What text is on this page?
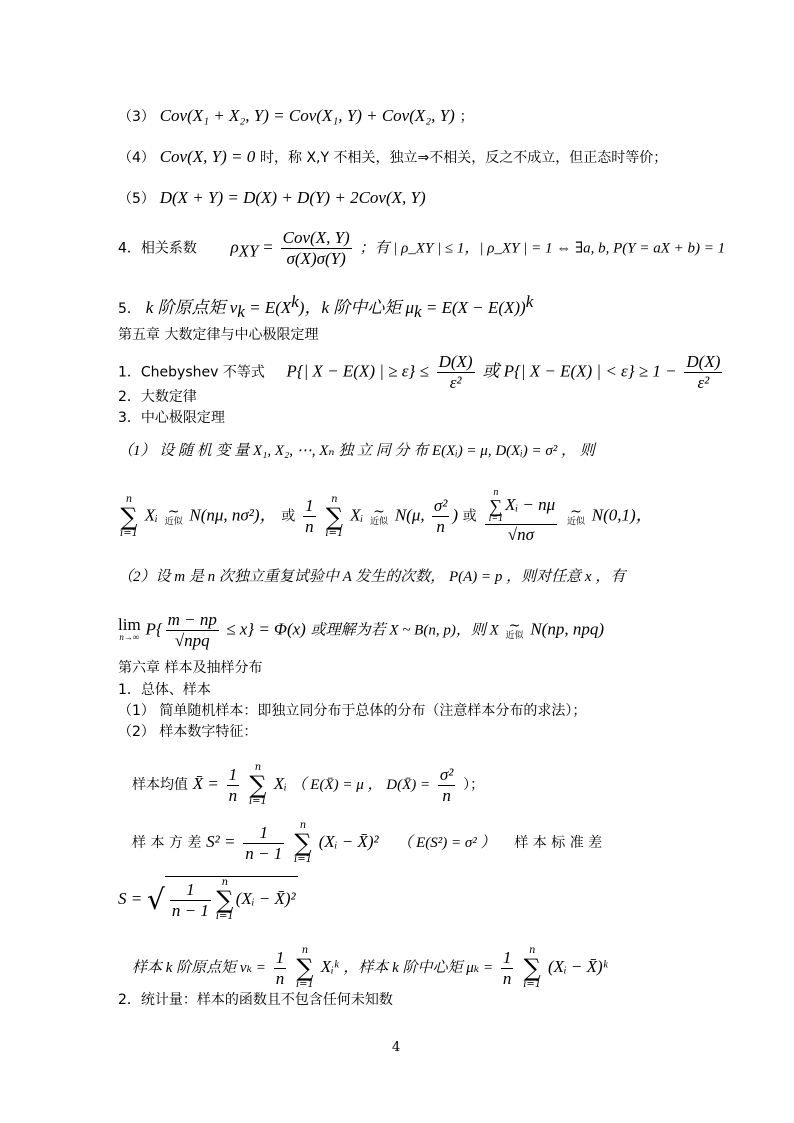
（3） Cov(X₁ + X₂, Y) = Cov(X₁, Y) + Cov(X₂, Y) ；
（4） Cov(X, Y) = 0 时，称 X,Y 不相关，独立⇒不相关，反之不成立，但正态时等价；
（5） D(X + Y) = D(X) + D(Y) + 2Cov(X, Y)
4．相关系数 $\rho_{XY} = \frac{\text{Cov(X, Y)}}{\sigma(X)\sigma(Y)}$ ；有 | ρ_XY | ≤ 1，| ρ_XY | = 1 ⇔ ∃a, b, P(Y = aX + b) = 1
5． k 阶原点矩 $\nu_k = E(X^k)$，k 阶中心矩 $\mu_k = E(X - E(X))^k$
第五章 大数定律与中心极限定理
1．Chebyshev 不等式 P{| X − E(X) | ≥ $\varepsilon\} \le \frac{D(X)}{\text{ε²}}$ 或 P{| X − E(X) | < $\varepsilon\} \ge 1 - \frac{D(X)}{\text{ε²}}$
2．大数定律
3．中心极限定理
（1） 设 随 机 变 量 X₁, X₂, ⋯, Xₙ 独 立 同 分 布 E(Xᵢ) = μ, D(Xᵢ) = σ² ， 则
n
∑
i=1
Xᵢ ~
近似 N(nμ, nσ²)， 或 $\frac{1}{n}$
	n
∑
i=1
Xᵢ ~
近似 N(μ, $\frac{\text{σ²}}{n}$ ) 或 n
∑
i=1
Xᵢ − nμ
√nσ
~
近似 N(0,1)，
（2）设 m 是 n 次独立重复试验中 A 发生的次数， P(A) = p ，则对任意 x ，有
lim
n→∞ $P\{ \frac{m - np}{\text{√npq}} \le x\} = \Phi(x)$ 或理解为若 X ~ B(n, p)，则 X ~
近似 N(np, npq)
第六章 样本及抽样分布
1．总体、样本
（1） 简单随机样本：即独立同分布于总体的分布（注意样本分布的求法）；
（2） 样本数字特征：
样本均值 X̄ = $\frac{1}{n}$
	n
∑
i=1
Xᵢ （ E(X̄) = μ ， D(X̄) = $\frac{\text{σ²}}{n}$ ）；
样 本 方 差 $S^2 = \frac{1}{n - 1}$
	n
∑
i=1
(Xᵢ − X̄)² （ E(S²) = σ² ） 样 本 标 准 差
S = √ $\frac{1}{n - 1}$	n
∑
i=1
(Xᵢ − X̄)²
样本 k 阶原点矩 $\nu_k = \frac{1}{n}$
	n
∑
i=1
Xᵢᵏ ，样本 k 阶中心矩 $\mu_k = \frac{1}{n}$
	n
∑
i=1
(Xᵢ − X̄)ᵏ
2．统计量：样本的函数且不包含任何未知数
4
